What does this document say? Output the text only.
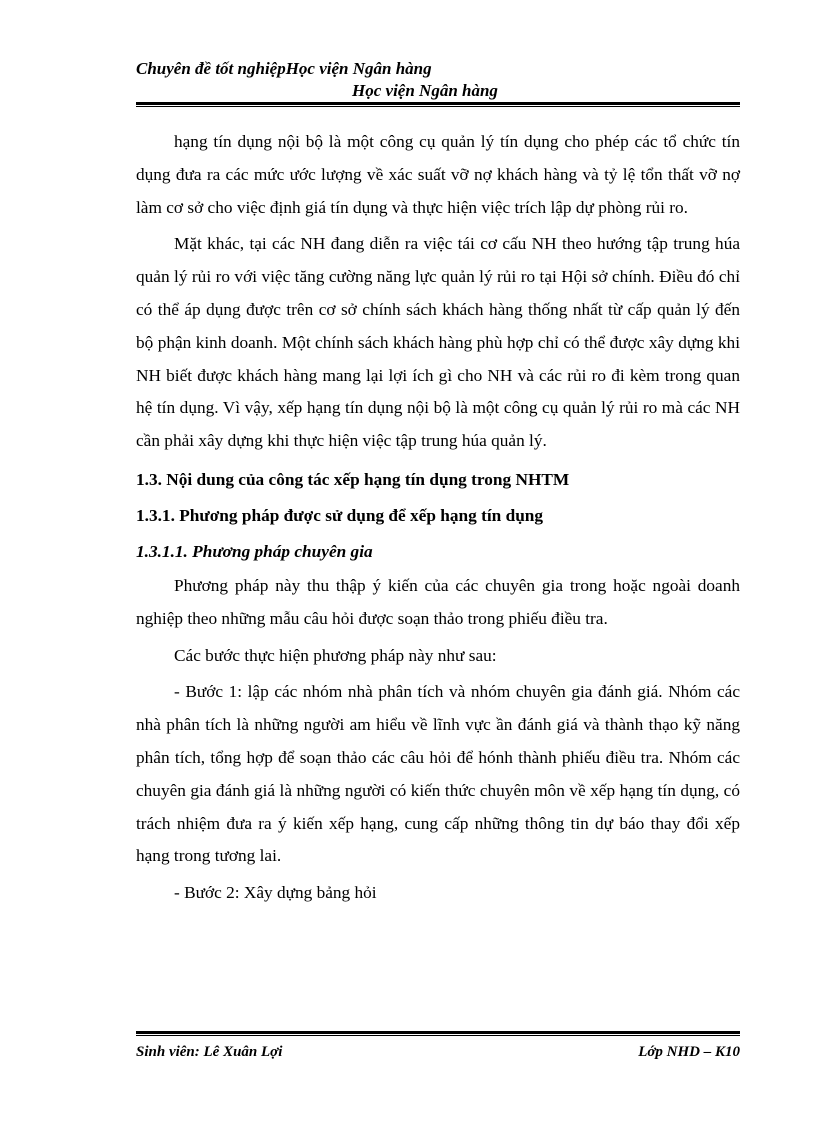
Chuyên đề tốt nghiệpHọc viện Ngân hàng
Học viện Ngân hàng

hạng tín dụng nội bộ là một công cụ quản lý tín dụng cho phép các tổ chức tín dụng đưa ra các mức ước lượng về xác suất vỡ nợ khách hàng và tỷ lệ tổn thất vỡ nợ làm cơ sở cho việc định giá tín dụng và thực hiện việc trích lập dự phòng rủi ro.

Mặt khác, tại các NH đang diễn ra việc tái cơ cấu NH theo hướng tập trung húa quản lý rủi ro với việc tăng cường năng lực quản lý rủi ro tại Hội sở chính. Điều đó chỉ có thể áp dụng được trên cơ sở chính sách khách hàng thống nhất từ cấp quản lý đến bộ phận kinh doanh. Một chính sách khách hàng phù hợp chỉ có thể được xây dựng khi NH biết được khách hàng mang lại lợi ích gì cho NH và các rủi ro đi kèm trong quan hệ tín dụng. Vì vậy, xếp hạng tín dụng nội bộ là một công cụ quản lý rủi ro mà các NH cần phải xây dựng khi thực hiện việc tập trung húa quản lý.

1.3. Nội dung của công tác xếp hạng tín dụng trong NHTM

1.3.1. Phương pháp được sử dụng để xếp hạng tín dụng

1.3.1.1. Phương pháp chuyên gia

Phương pháp này thu thập ý kiến của các chuyên gia trong hoặc ngoài doanh nghiệp theo những mẫu câu hỏi được soạn thảo trong phiếu điều tra.

Các bước thực hiện phương pháp này như sau:

- Bước 1: lập các nhóm nhà phân tích và nhóm chuyên gia đánh giá. Nhóm các nhà phân tích là những người am hiểu về lĩnh vực ần đánh giá và thành thạo kỹ năng phân tích, tổng hợp để soạn thảo các câu hỏi để hónh thành phiếu điều tra. Nhóm các chuyên gia đánh giá là những người có kiến thức chuyên môn về xếp hạng tín dụng, có trách nhiệm đưa ra ý kiến xếp hạng, cung cấp những thông tin dự báo thay đổi xếp hạng trong tương lai.

- Bước 2: Xây dựng bảng hỏi

Sinh viên: Lê Xuân Lợi	Lớp NHD – K10
